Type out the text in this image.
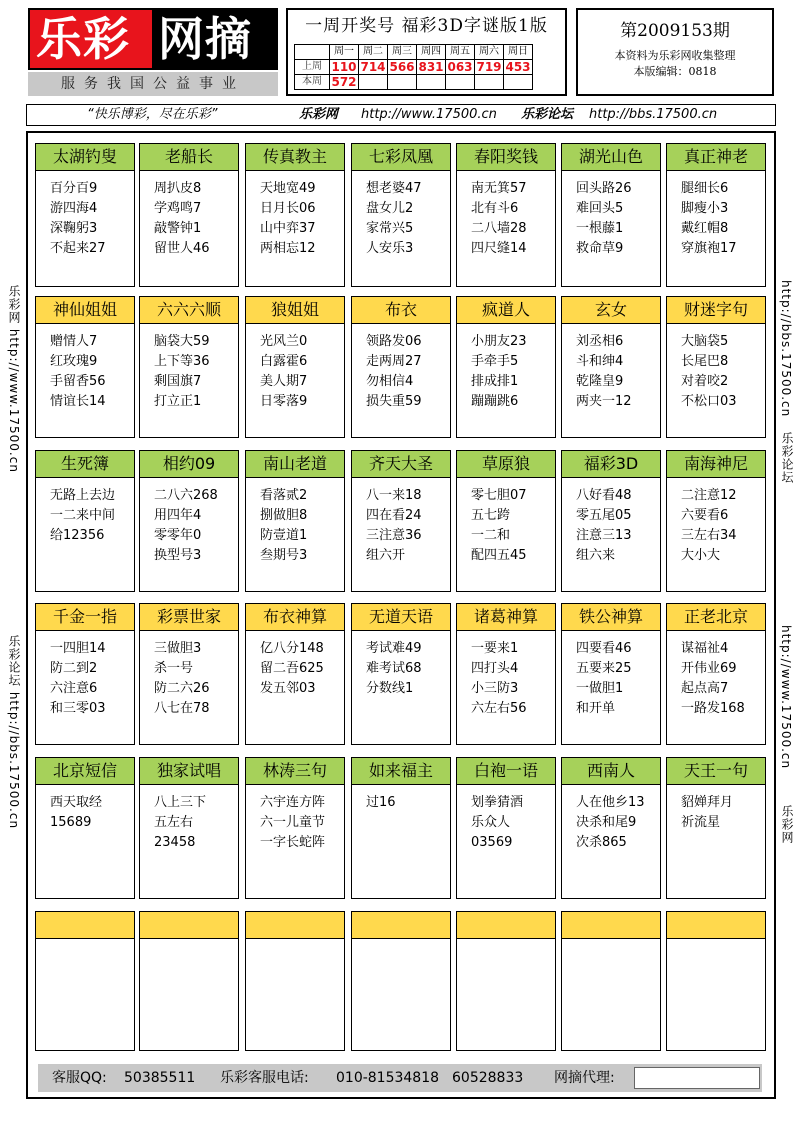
乐彩 网摘
服务我国公益事业
一周开奖号 福彩3D字谜版1版
	周一	周二	周三	周四	周五	周六	周日
上周	110	714	566	831	063	719	453
本周	572						
第2009153期
本资料为乐彩网收集整理
本版编辑：0818
“快乐博彩，尽在乐彩”	乐彩网 http://www.17500.cn 乐彩论坛 http://bbs.17500.cn
乐彩网 http://www.17500.cn
乐彩论坛 http://bbs.17500.cn
http://bbs.17500.cn
乐彩论坛
http://www.17500.cn
乐彩网
太湖钓叟
百分百9
游四海4
深鞠躬3
不起来27
老船长
周扒皮8
学鸡鸣7
敲警钟1
留世人46
传真教主
天地宽49
日月长06
山中弈37
两相忘12
七彩凤凰
想老婆47
盘女儿2
家常兴5
人安乐3
春阳奖钱
南无箕57
北有斗6
二八墙28
四尺缝14
湖光山色
回头路26
难回头5
一根藤1
救命草9
真正神老
腿细长6
脚瘦小3
戴红帽8
穿旗袍17
神仙姐姐
赠情人7
红玫瑰9
手留香56
情谊长14
六六六顺
脑袋大59
上下等36
剩国旗7
打立正1
狼姐姐
光风兰0
白露霍6
美人期7
日零落9
布衣
领路发06
走两周27
勿相信4
损失重59
疯道人
小朋友23
手牵手5
排成排1
蹦蹦跳6
玄女
刘丞相6
斗和绅4
乾隆皇9
两夹一12
财迷字句
大脑袋5
长尾巴8
对着咬2
不松口03
生死簿
无路上去边
一二来中间
给12356
相约09
二八六268
用四年4
零零年0
换型号3
南山老道
看落贰2
捌做胆8
防壹道1
叁期号3
齐天大圣
八一来18
四在看24
三注意36
组六开
草原狼
零七胆07
五七跨
一二和
配四五45
福彩3D
八好看48
零五尾05
注意三13
组六来
南海神尼
二注意12
六要看6
三左右34
大小大
千金一指
一四胆14
防二到2
六注意6
和三零03
彩票世家
三做胆3
杀一号
防二六26
八七在78
布衣神算
亿八分148
留二吾625
发五邻03
无道天语
考试难49
难考试68
分数线1
诸葛神算
一要来1
四打头4
小三防3
六左右56
铁公神算
四要看46
五要来25
一做胆1
和开单
正老北京
谋福祉4
开伟业69
起点高7
一路发168
北京短信
西天取经
15689
独家试唱
八上三下
五左右
23458
林涛三句
六宇连方阵
六一儿童节
一字长蛇阵
如来福主
过16
白袍一语
划拳猜酒
乐众人
03569
西南人
人在他乡13
决杀和尾9
次杀865
天王一句
貂婵拜月
祈流星
客服QQ: 50385511 乐彩客服电话: 010-81534818 60528833 网摘代理:
